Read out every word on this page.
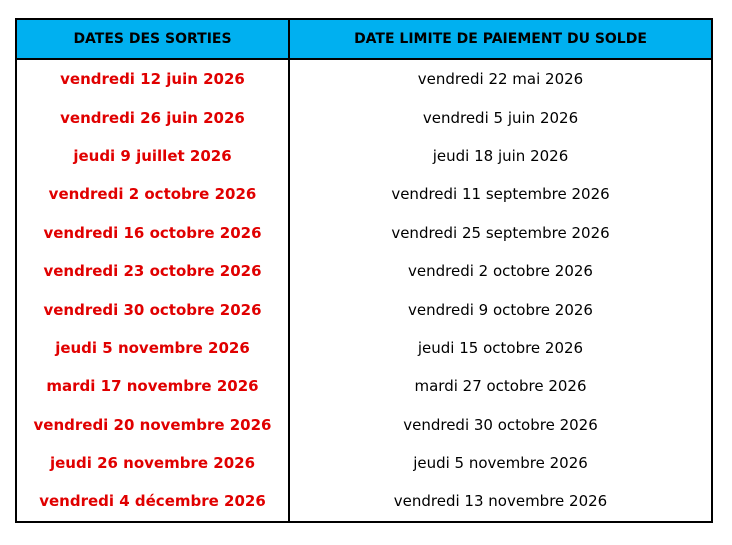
DATES DES SORTIES	DATE LIMITE DE PAIEMENT DU SOLDE
vendredi 12 juin 2026	vendredi 22 mai 2026
vendredi 26 juin 2026	vendredi 5 juin 2026
jeudi 9 juillet 2026	jeudi 18 juin 2026
vendredi 2 octobre 2026	vendredi 11 septembre 2026
vendredi 16 octobre 2026	vendredi 25 septembre 2026
vendredi 23 octobre 2026	vendredi 2 octobre 2026
vendredi 30 octobre 2026	vendredi 9 octobre 2026
jeudi 5 novembre 2026	jeudi 15 octobre 2026
mardi 17 novembre 2026	mardi 27 octobre 2026
vendredi 20 novembre 2026	vendredi 30 octobre 2026
jeudi 26 novembre 2026	jeudi 5 novembre 2026
vendredi 4 décembre 2026	vendredi 13 novembre 2026
